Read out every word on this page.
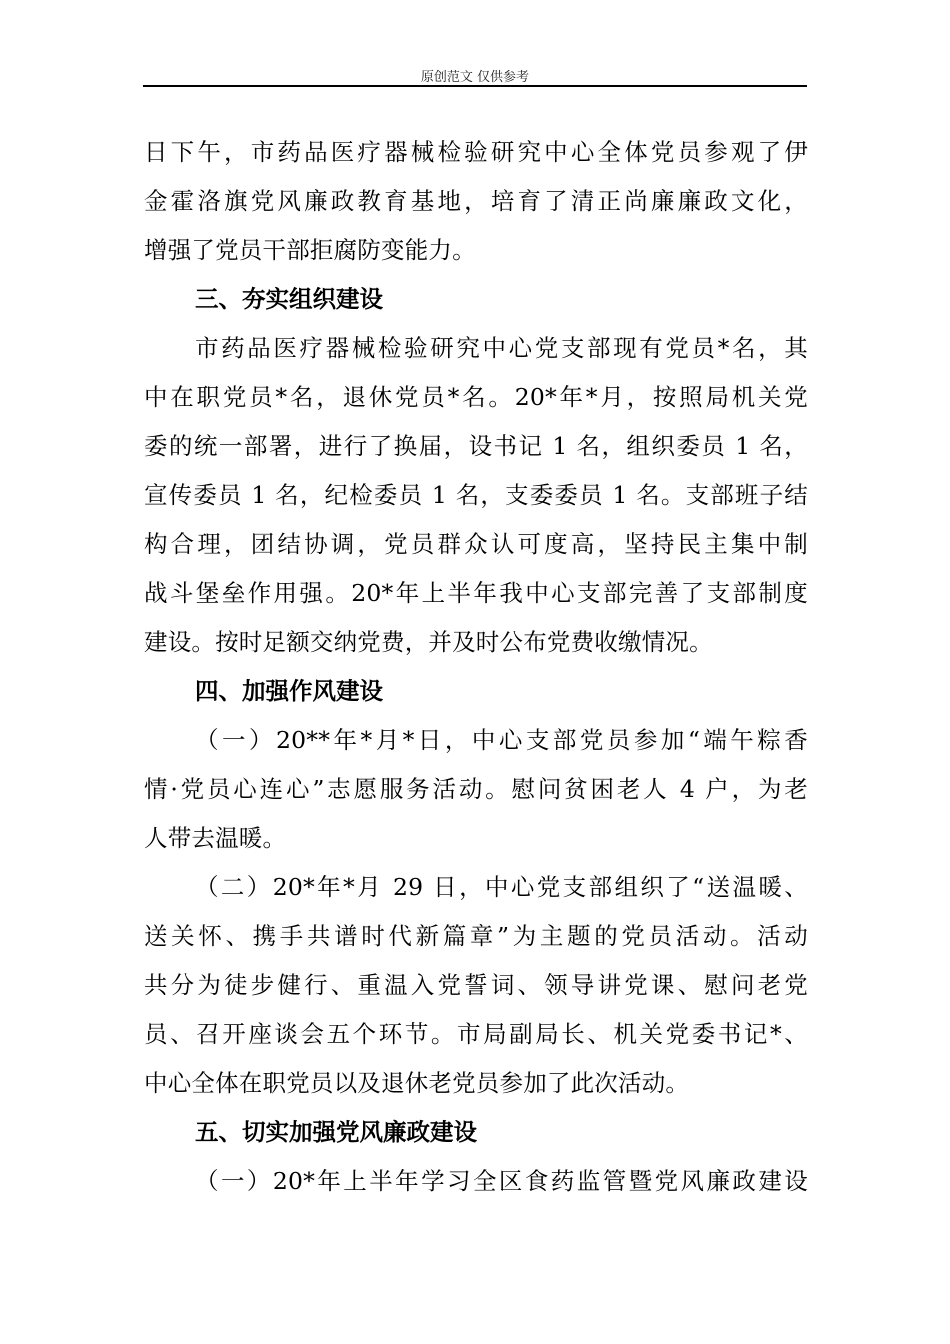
原创范文 仅供参考
日下午，市药品医疗器械检验研究中心全体党员参观了伊
金霍洛旗党风廉政教育基地，培育了清正尚廉廉政文化，
增强了党员干部拒腐防变能力。
三、夯实组织建设
市药品医疗器械检验研究中心党支部现有党员*名，其
中在职党员*名，退休党员*名。20*年*月，按照局机关党
委的统一部署，进行了换届，设书记 1 名，组织委员 1 名，
宣传委员 1 名，纪检委员 1 名，支委委员 1 名。支部班子结
构合理，团结协调，党员群众认可度高，坚持民主集中制
战斗堡垒作用强。20*年上半年我中心支部完善了支部制度
建设。按时足额交纳党费，并及时公布党费收缴情况。
四、加强作风建设
（一）20**年*月*日，中心支部党员参加“端午粽香
情·党员心连心”志愿服务活动。慰问贫困老人 4 户，为老
人带去温暖。
（二）20*年*月 29 日，中心党支部组织了“送温暖、
送关怀、携手共谱时代新篇章”为主题的党员活动。活动
共分为徒步健行、重温入党誓词、领导讲党课、慰问老党
员、召开座谈会五个环节。市局副局长、机关党委书记*、
中心全体在职党员以及退休老党员参加了此次活动。
五、切实加强党风廉政建设
（一）20*年上半年学习全区食药监管暨党风廉政建设
